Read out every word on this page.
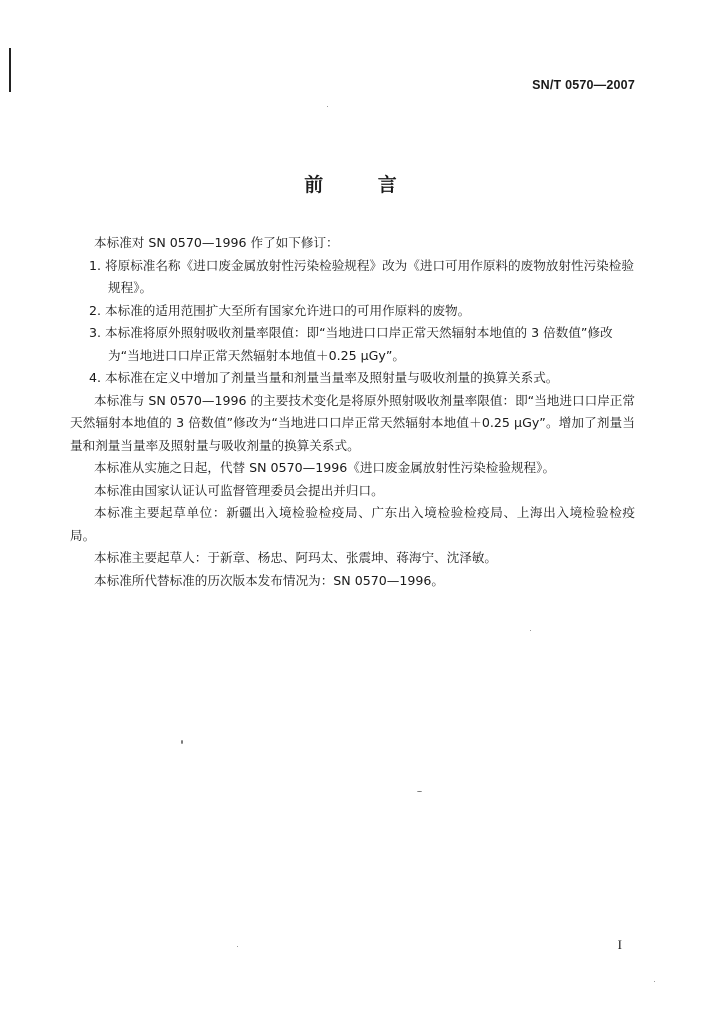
SN/T 0570—2007
前 言

本标准对 SN 0570—1996 作了如下修订：

1. 将原标准名称《进口废金属放射性污染检验规程》改为《进口可用作原料的废物放射性污染检验规程》。

2. 本标准的适用范围扩大至所有国家允许进口的可用作原料的废物。

3. 本标准将原外照射吸收剂量率限值：即“当地进口口岸正常天然辐射本地值的 3 倍数值”修改为“当地进口口岸正常天然辐射本地值＋0.25 μGy”。

4. 本标准在定义中增加了剂量当量和剂量当量率及照射量与吸收剂量的换算关系式。

本标准与 SN 0570—1996 的主要技术变化是将原外照射吸收剂量率限值：即“当地进口口岸正常天然辐射本地值的 3 倍数值”修改为“当地进口口岸正常天然辐射本地值＋0.25 μGy”。增加了剂量当量和剂量当量率及照射量与吸收剂量的换算关系式。

本标准从实施之日起，代替 SN 0570—1996《进口废金属放射性污染检验规程》。

本标准由国家认证认可监督管理委员会提出并归口。

本标准主要起草单位：新疆出入境检验检疫局、广东出入境检验检疫局、上海出入境检验检疫局。

本标准主要起草人：于新章、杨忠、阿玛太、张震坤、蒋海宁、沈泽敏。

本标准所代替标准的历次版本发布情况为：SN 0570—1996。

I
